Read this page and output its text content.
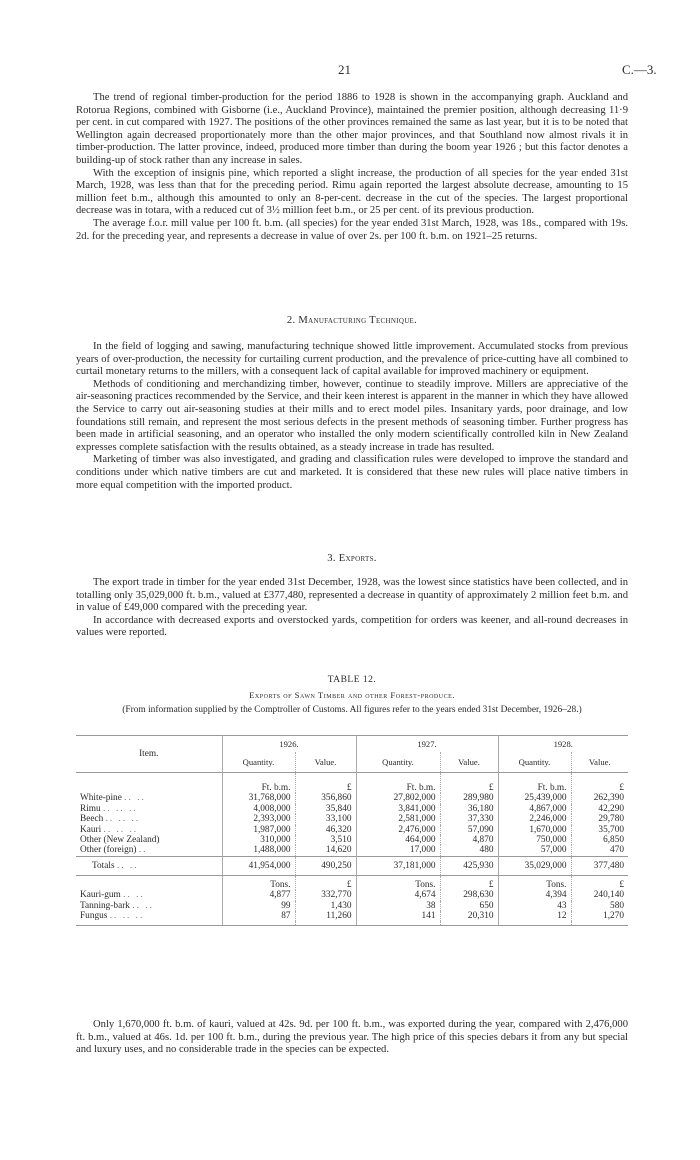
21	C.—3.

The trend of regional timber-production for the period 1886 to 1928 is shown in the accompanying graph. Auckland and Rotorua Regions, combined with Gisborne (i.e., Auckland Province), maintained the premier position, although decreasing 11·9 per cent. in cut compared with 1927. The positions of the other provinces remained the same as last year, but it is to be noted that Wellington again decreased proportionately more than the other major provinces, and that Southland now almost rivals it in timber-production. The latter province, indeed, produced more timber than during the boom year 1926 ; but this factor denotes a building-up of stock rather than any increase in sales.

With the exception of insignis pine, which reported a slight increase, the production of all species for the year ended 31st March, 1928, was less than that for the preceding period. Rimu again reported the largest absolute decrease, amounting to 15 million feet b.m., although this amounted to only an 8-per-cent. decrease in the cut of the species. The largest proportional decrease was in totara, with a reduced cut of 3½ million feet b.m., or 25 per cent. of its previous production.

The average f.o.r. mill value per 100 ft. b.m. (all species) for the year ended 31st March, 1928, was 18s., compared with 19s. 2d. for the preceding year, and represents a decrease in value of over 2s. per 100 ft. b.m. on 1921–25 returns.

2. Manufacturing Technique.

In the field of logging and sawing, manufacturing technique showed little improvement. Accumulated stocks from previous years of over-production, the necessity for curtailing current production, and the prevalence of price-cutting have all combined to curtail monetary returns to the millers, with a consequent lack of capital available for improved machinery or equipment.

Methods of conditioning and merchandizing timber, however, continue to steadily improve. Millers are appreciative of the air-seasoning practices recommended by the Service, and their keen interest is apparent in the manner in which they have allowed the Service to carry out air-seasoning studies at their mills and to erect model piles. Insanitary yards, poor drainage, and low foundations still remain, and represent the most serious defects in the present methods of seasoning timber. Further progress has been made in artificial seasoning, and an operator who installed the only modern scientifically controlled kiln in New Zealand expresses complete satisfaction with the results obtained, as a steady increase in trade has resulted.

Marketing of timber was also investigated, and grading and classification rules were developed to improve the standard and conditions under which native timbers are cut and marketed. It is considered that these new rules will place native timbers in more equal competition with the imported product.

3. Exports.

The export trade in timber for the year ended 31st December, 1928, was the lowest since statistics have been collected, and in totalling only 35,029,000 ft. b.m., valued at £377,480, represented a decrease in quantity of approximately 2 million feet b.m. and in value of £49,000 compared with the preceding year.

In accordance with decreased exports and overstocked yards, competition for orders was keener, and all-round decreases in values were reported.

TABLE 12.
Exports of Sawn Timber and other Forest-produce.
(From information supplied by the Comptroller of Customs. All figures refer to the years ended 31st December, 1926–28.)
Item.	1926.		1927.		1928.	
	Quantity.	Value.	Quantity.	Value.	Quantity.	Value.
	Ft. b.m.	£	Ft. b.m.	£	Ft. b.m.	£
White-pine .. ..	31,768,000	356,860	27,802,000	289,980	25,439,000	262,390
Rimu .. .. ..	4,008,000	35,840	3,841,000	36,180	4,867,000	42,290
Beech .. .. ..	2,393,000	33,100	2,581,000	37,330	2,246,000	29,780
Kauri .. .. ..	1,987,000	46,320	2,476,000	57,090	1,670,000	35,700
Other (New Zealand)	310,000	3,510	464,000	4,870	750,000	6,850
Other (foreign) ..	1,488,000	14,620	17,000	480	57,000	470
Totals .. ..	41,954,000	490,250	37,181,000	425,930	35,029,000	377,480
	Tons.	£	Tons.	£	Tons.	£
Kauri-gum .. ..	4,877	332,770	4,674	298,630	4,394	240,140
Tanning-bark .. ..	99	1,430	38	650	43	580
Fungus .. .. ..	87	11,260	141	20,310	12	1,270

Only 1,670,000 ft. b.m. of kauri, valued at 42s. 9d. per 100 ft. b.m., was exported during the year, compared with 2,476,000 ft. b.m., valued at 46s. 1d. per 100 ft. b.m., during the previous year. The high price of this species debars it from any but special and luxury uses, and no considerable trade in the species can be expected.
